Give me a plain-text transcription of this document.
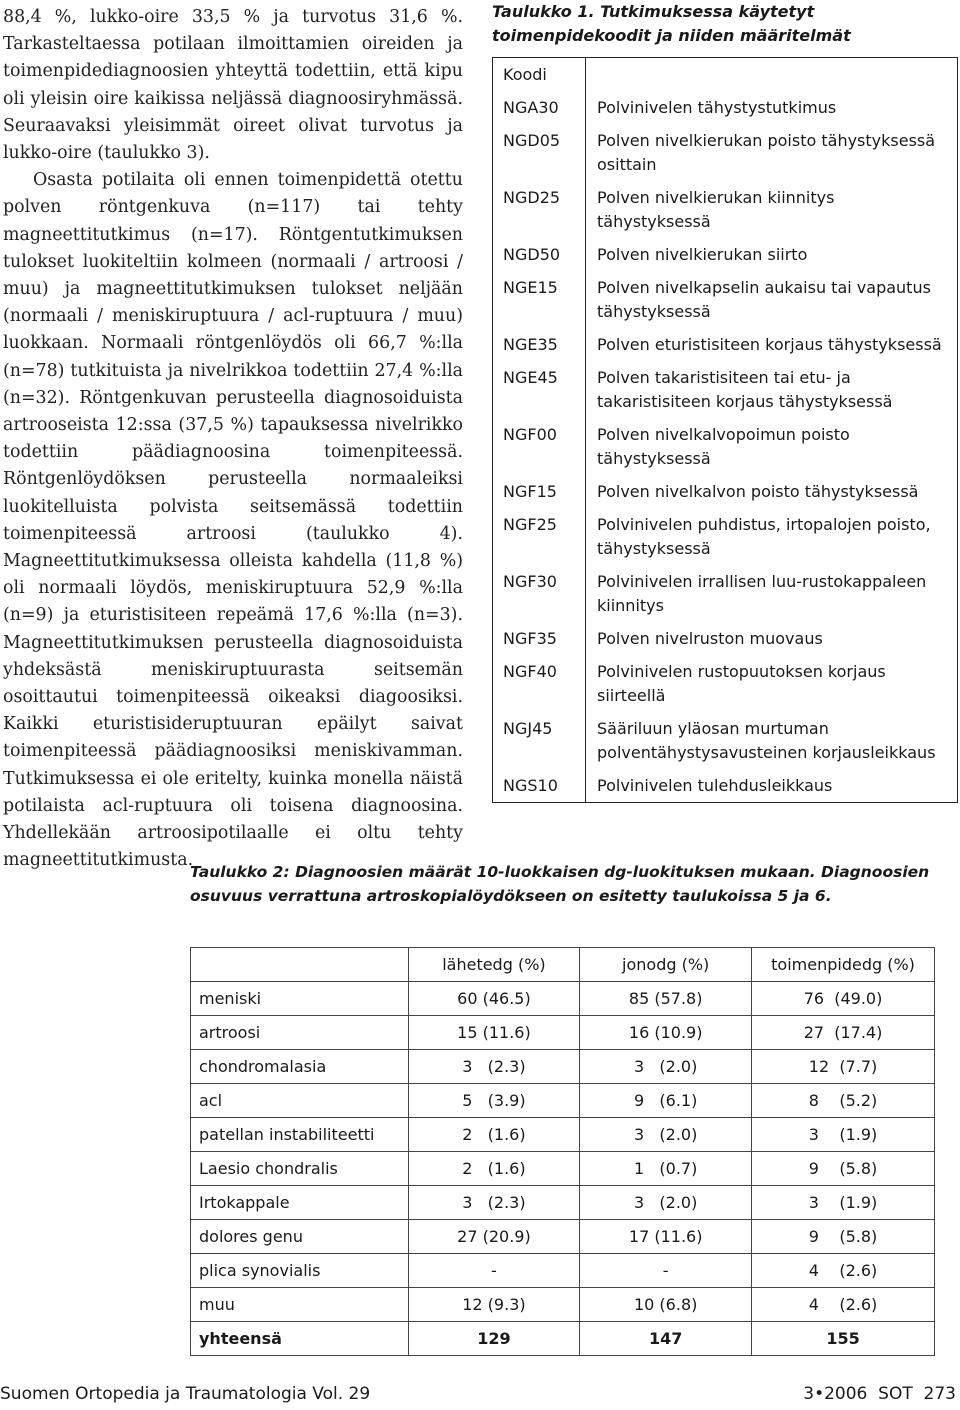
88,4 %, lukko-oire 33,5 % ja turvotus 31,6 %. Tarkasteltaessa potilaan ilmoittamien oireiden ja toimenpidediagnoosien yhteyttä todettiin, että kipu oli yleisin oire kaikissa neljässä diagnoosiryhmässä. Seuraavaksi yleisimmät oireet olivat turvotus ja lukko-oire (taulukko 3).

Osasta potilaita oli ennen toimenpidettä otettu polven röntgenkuva (n=117) tai tehty magneettitutkimus (n=17). Röntgentutkimuksen tulokset luokiteltiin kolmeen (normaali / artroosi / muu) ja magneettitutkimuksen tulokset neljään (normaali / meniskiruptuura / acl-ruptuura / muu) luokkaan. Normaali röntgenlöydös oli 66,7 %:lla (n=78) tutkituista ja nivelrikkoa todettiin 27,4 %:lla (n=32). Röntgenkuvan perusteella diagnosoiduista artrooseista 12:ssa (37,5 %) tapauksessa nivelrikko todettiin päädiagnoosina toimenpiteessä. Röntgenlöydöksen perusteella normaaleiksi luokitelluista polvista seitsemässä todettiin toimenpiteessä artroosi (taulukko 4). Magneettitutkimuksessa olleista kahdella (11,8 %) oli normaali löydös, meniskiruptuura 52,9 %:lla (n=9) ja eturistisiteen repeämä 17,6 %:lla (n=3). Magneettitutkimuksen perusteella diagnosoiduista yhdeksästä meniskiruptuurasta seitsemän osoittautui toimenpiteessä oikeaksi diagoosiksi. Kaikki eturistisideruptuuran epäilyt saivat toimenpiteessä päädiagnoosiksi meniskivamman. Tutkimuksessa ei ole eritelty, kuinka monella näistä potilaista acl-ruptuura oli toisena diagnoosina. Yhdellekään artroosipotilaalle ei oltu tehty magneettitutkimusta.

Taulukko 1. Tutkimuksessa käytetyt toimenpidekoodit ja niiden määritelmät
Koodi	
NGA30	Polvinivelen tähystystutkimus
NGD05	Polven nivelkierukan poisto tähystyksessä osittain
NGD25	Polven nivelkierukan kiinnitys tähystyksessä
NGD50	Polven nivelkierukan siirto
NGE15	Polven nivelkapselin aukaisu tai vapautus tähystyksessä
NGE35	Polven eturistisiteen korjaus tähystyksessä
NGE45	Polven takaristisiteen tai etu- ja takaristisiteen korjaus tähystyksessä
NGF00	Polven nivelkalvopoimun poisto tähystyksessä
NGF15	Polven nivelkalvon poisto tähystyksessä
NGF25	Polvinivelen puhdistus, irtopalojen poisto, tähystyksessä
NGF30	Polvinivelen irrallisen luu-rustokappaleen kiinnitys
NGF35	Polven nivelruston muovaus
NGF40	Polvinivelen rustopuutoksen korjaus siirteellä
NGJ45	Sääriluun yläosan murtuman polventähystysavusteinen korjausleikkaus
NGS10	Polvinivelen tulehdusleikkaus
Taulukko 2: Diagnoosien määrät 10-luokkaisen dg-luokituksen mukaan. Diagnoosien osuvuus verrattuna artroskopialöydökseen on esitetty taulukoissa 5 ja 6.
	lähetedg (%)	jonodg (%)	toimenpidedg (%)
meniski	60 (46.5)	85 (57.8)	76  (49.0)
artroosi	15 (11.6)	16 (10.9)	27  (17.4)
chondromalasia	3   (2.3)	3   (2.0)	12  (7.7)
acl	5   (3.9)	9   (6.1)	8    (5.2)
patellan instabiliteetti	2   (1.6)	3   (2.0)	3    (1.9)
Laesio chondralis	2   (1.6)	1   (0.7)	9    (5.8)
Irtokappale	3   (2.3)	3   (2.0)	3    (1.9)
dolores genu	27 (20.9)	17 (11.6)	9    (5.8)
plica synovialis	-	-	4    (2.6)
muu	12 (9.3)	10 (6.8)	4    (2.6)
yhteensä	129	147	155
Suomen Ortopedia ja Traumatologia Vol. 29	3•2006 SOT 273
